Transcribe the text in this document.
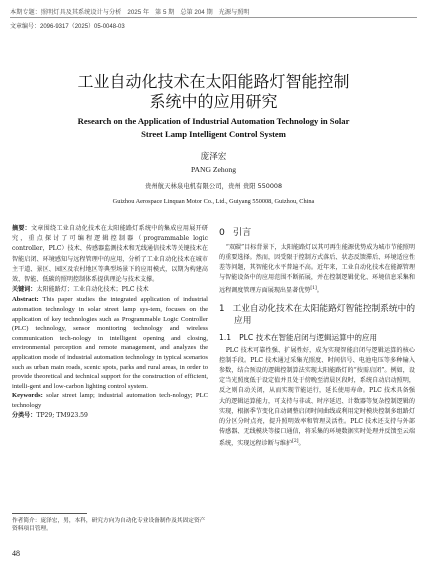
本期专题：照明灯具及其系统设计与分析 2025 年 第 5 期 总第 204 期 光源与照明
文章编号：2096-9317（2025）05-0048-03
工业自动化技术在太阳能路灯智能控制
系统中的应用研究
Research on the Application of Industrial Automation Technology in Solar
Street Lamp Intelligent Control System
庞泽宏
PANG Zehong
贵州航天林泉电机有限公司，贵州 贵阳 550008
Guizhou Aerospace Linquan Motor Co., Ltd., Guiyang 550008, Guizhou, China

摘要：文章围绕工业自动化技术在太阳能路灯系统中的集成应用展开研究，重点探讨了可编程逻辑控制器（programmable logic controller，PLC）技术、传感器监测技术和无线通信技术等关键技术在智能启闭、环境感知与远程管理中的应用，分析了工业自动化技术在城市主干道、景区、园区及农村地区等典型场景下的应用模式，以期为构建高效、智能、低碳的照明控制体系提供理论与技术支撑。

关键词：太阳能路灯；工业自动化技术；PLC 技术

Abstract: This paper studies the integrated application of industrial automation technology in solar street lamp sys-tem, focuses on the application of key technologies such as Programmable Logic Controller (PLC) technology, sensor monitoring technology and wireless communication tech-nology in intelligent opening and closing, environmental perception and remote management, and analyzes the application mode of industrial automation technology in typical scenarios such as urban main roads, scenic spots, parks and rural areas, in order to provide theoretical and technical support for the construction of efficient, intelli-gent and low-carbon lighting control system.

Keywords: solar street lamp; industrial automation tech-nology; PLC technology

分类号：TP29; TM923.59

0 引言

“双碳”目标背景下，太阳能路灯以其可再生能源优势成为城市节能照明的重要选择。然而，因受限于控制方式落后、状态反馈滞后、环境适应性差等问题，其智能化水平普遍不高。近年来，工业自动化技术在能源管理与智能设备中的应用范围不断拓展，并在控制逻辑优化、环境信息采集和远程调度管理方面展现出显著优势[1]。

1 工业自动化技术在太阳能路灯智能控制系统中的应用
1.1 PLC 技术在智能启闭与逻辑运算中的应用

PLC 技术可靠性强、扩展性好，成为实现智能启闭与逻辑运算的核心控制手段。PLC 技术通过采集光照度、时间信号、电池电压等多种输入参数，结合预设的逻辑控制算法实现太阳能路灯的“按需启闭”。例如，设定当光照度低于设定值并且处于傍晚至清晨区段时，系统自动启动照明，反之则自动关闭，从而实现节能运行，延长使用寿命。PLC 技术具备强大的逻辑运算能力，可支持与非或、时序延迟、计数器等复杂控制逻辑的实现，根据季节变化自动调整启闭时间曲线或利用定时模块控制多组路灯的分区分时点亮，提升照明效率和管理灵活性。PLC 技术还支持与外部传感器、无线模块等接口通信，将采集的环境数据实时处理并反馈至云端系统，实现远程诊断与维护[2]。

作者简介：庞泽宏，男，本科，研究方向为自动化专业设备制作及其固定资产资料项目管理。
48
